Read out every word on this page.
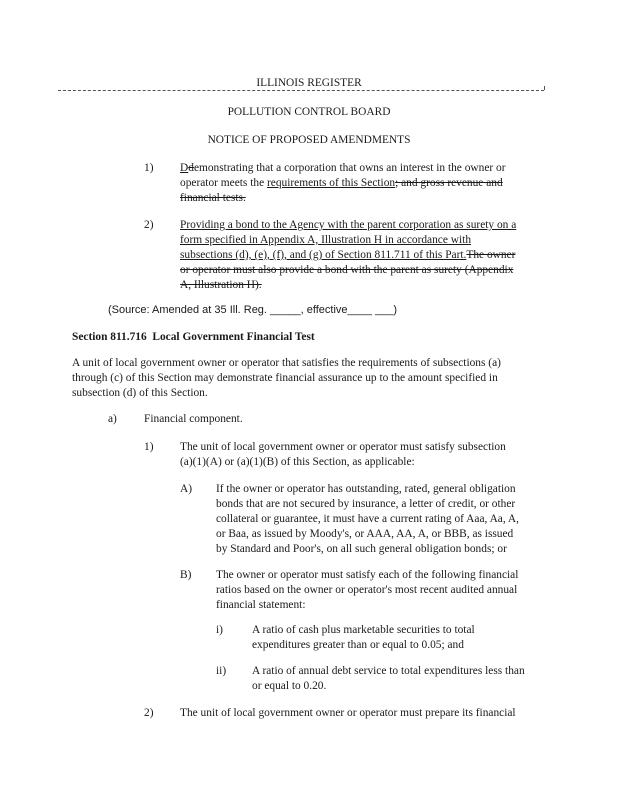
ILLINOIS REGISTER
POLLUTION CONTROL BOARD
NOTICE OF PROPOSED AMENDMENTS
1) Ddemonstrating that a corporation that owns an interest in the owner or
operator meets the requirements of this Section; and gross revenue and
financial tests.
2) Providing a bond to the Agency with the parent corporation as surety on a
form specified in Appendix A, Illustration H in accordance with
subsections (d), (e), (f), and (g) of Section 811.711 of this Part.The owner
or operator must also provide a bond with the parent as surety (Appendix
A, Illustration H).
(Source: Amended at 35 Ill. Reg. _____, effective____ ___)
Section 811.716 Local Government Financial Test
A unit of local government owner or operator that satisfies the requirements of subsections (a)
through (c) of this Section may demonstrate financial assurance up to the amount specified in
subsection (d) of this Section.
a) Financial component.
1) The unit of local government owner or operator must satisfy subsection
(a)(1)(A) or (a)(1)(B) of this Section, as applicable:
A) If the owner or operator has outstanding, rated, general obligation
bonds that are not secured by insurance, a letter of credit, or other
collateral or guarantee, it must have a current rating of Aaa, Aa, A,
or Baa, as issued by Moody's, or AAA, AA, A, or BBB, as issued
by Standard and Poor's, on all such general obligation bonds; or
B) The owner or operator must satisfy each of the following financial
ratios based on the owner or operator's most recent audited annual
financial statement:
i)	A ratio of cash plus marketable securities to total
expenditures greater than or equal to 0.05; and
ii) A ratio of annual debt service to total expenditures less than
or equal to 0.20.
2) The unit of local government owner or operator must prepare its financial
